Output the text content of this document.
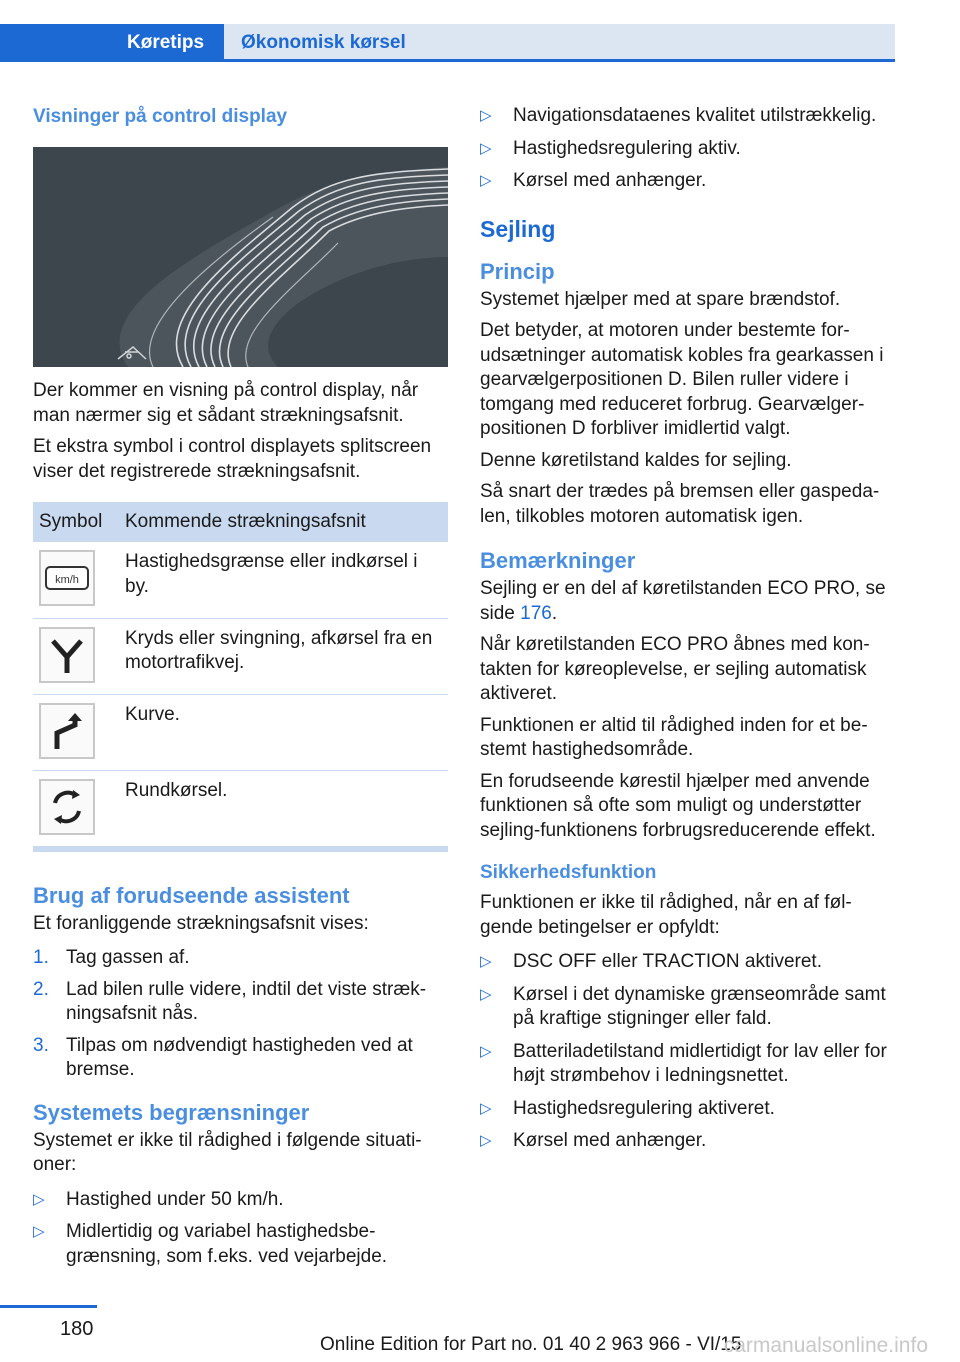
Køretips	Økonomisk kørsel
Visninger på control display

Der kommer en visning på control display, når man nærmer sig et sådant strækningsafsnit.

Et ekstra symbol i control displayets splitscreen viser det registrerede strækningsafsnit.

Symbol	Kommende strækningsafsnit

km/h	Hastighedsgrænse eller indkørsel i by.

	Kryds eller svingning, afkørsel fra en motortrafikvej.

	Kurve.

	Rundkørsel.
Brug af forudseende assistent

Et foranliggende strækningsafsnit vises:

1. Tag gassen af.
2. Lad bilen rulle videre, indtil det viste strækningsafsnit nås.
3. Tilpas om nødvendigt hastigheden ved at bremse.
Systemets begrænsninger

Systemet er ikke til rådighed i følgende situationer:

▷ Hastighed under 50 km/h.
▷ Midlertidig og variabel hastighedsbegrænsning, som f.eks. ved vejarbejde.
▷ Navigationsdataenes kvalitet utilstrækkelig.
▷ Hastighedsregulering aktiv.
▷ Kørsel med anhænger.
Sejling
Princip

Systemet hjælper med at spare brændstof.

Det betyder, at motoren under bestemte forudsætninger automatisk kobles fra gearkassen i gearvælgerpositionen D. Bilen ruller videre i tomgang med reduceret forbrug. Gearvælgerpositionen D forbliver imidlertid valgt.

Denne køretilstand kaldes for sejling.

Så snart der trædes på bremsen eller gaspedalen, tilkobles motoren automatisk igen.

Bemærkninger

Sejling er en del af køretilstanden ECO PRO, se side 176.

Når køretilstanden ECO PRO åbnes med kontakten for køreoplevelse, er sejling automatisk aktiveret.

Funktionen er altid til rådighed inden for et bestemt hastighedsområde.

En forudseende kørestil hjælper med anvende funktionen så ofte som muligt og understøtter sejling-funktionens forbrugsreducerende effekt.

Sikkerhedsfunktion

Funktionen er ikke til rådighed, når en af følgende betingelser er opfyldt:

▷ DSC OFF eller TRACTION aktiveret.
▷ Kørsel i det dynamiske grænseområde samt på kraftige stigninger eller fald.
▷ Batteriladetilstand midlertidigt for lav eller for højt strømbehov i ledningsnettet.
▷ Hastighedsregulering aktiveret.
▷ Kørsel med anhænger.
180
Online Edition for Part no. 01 40 2 963 966 - VI/15
carmanualsonline.info
